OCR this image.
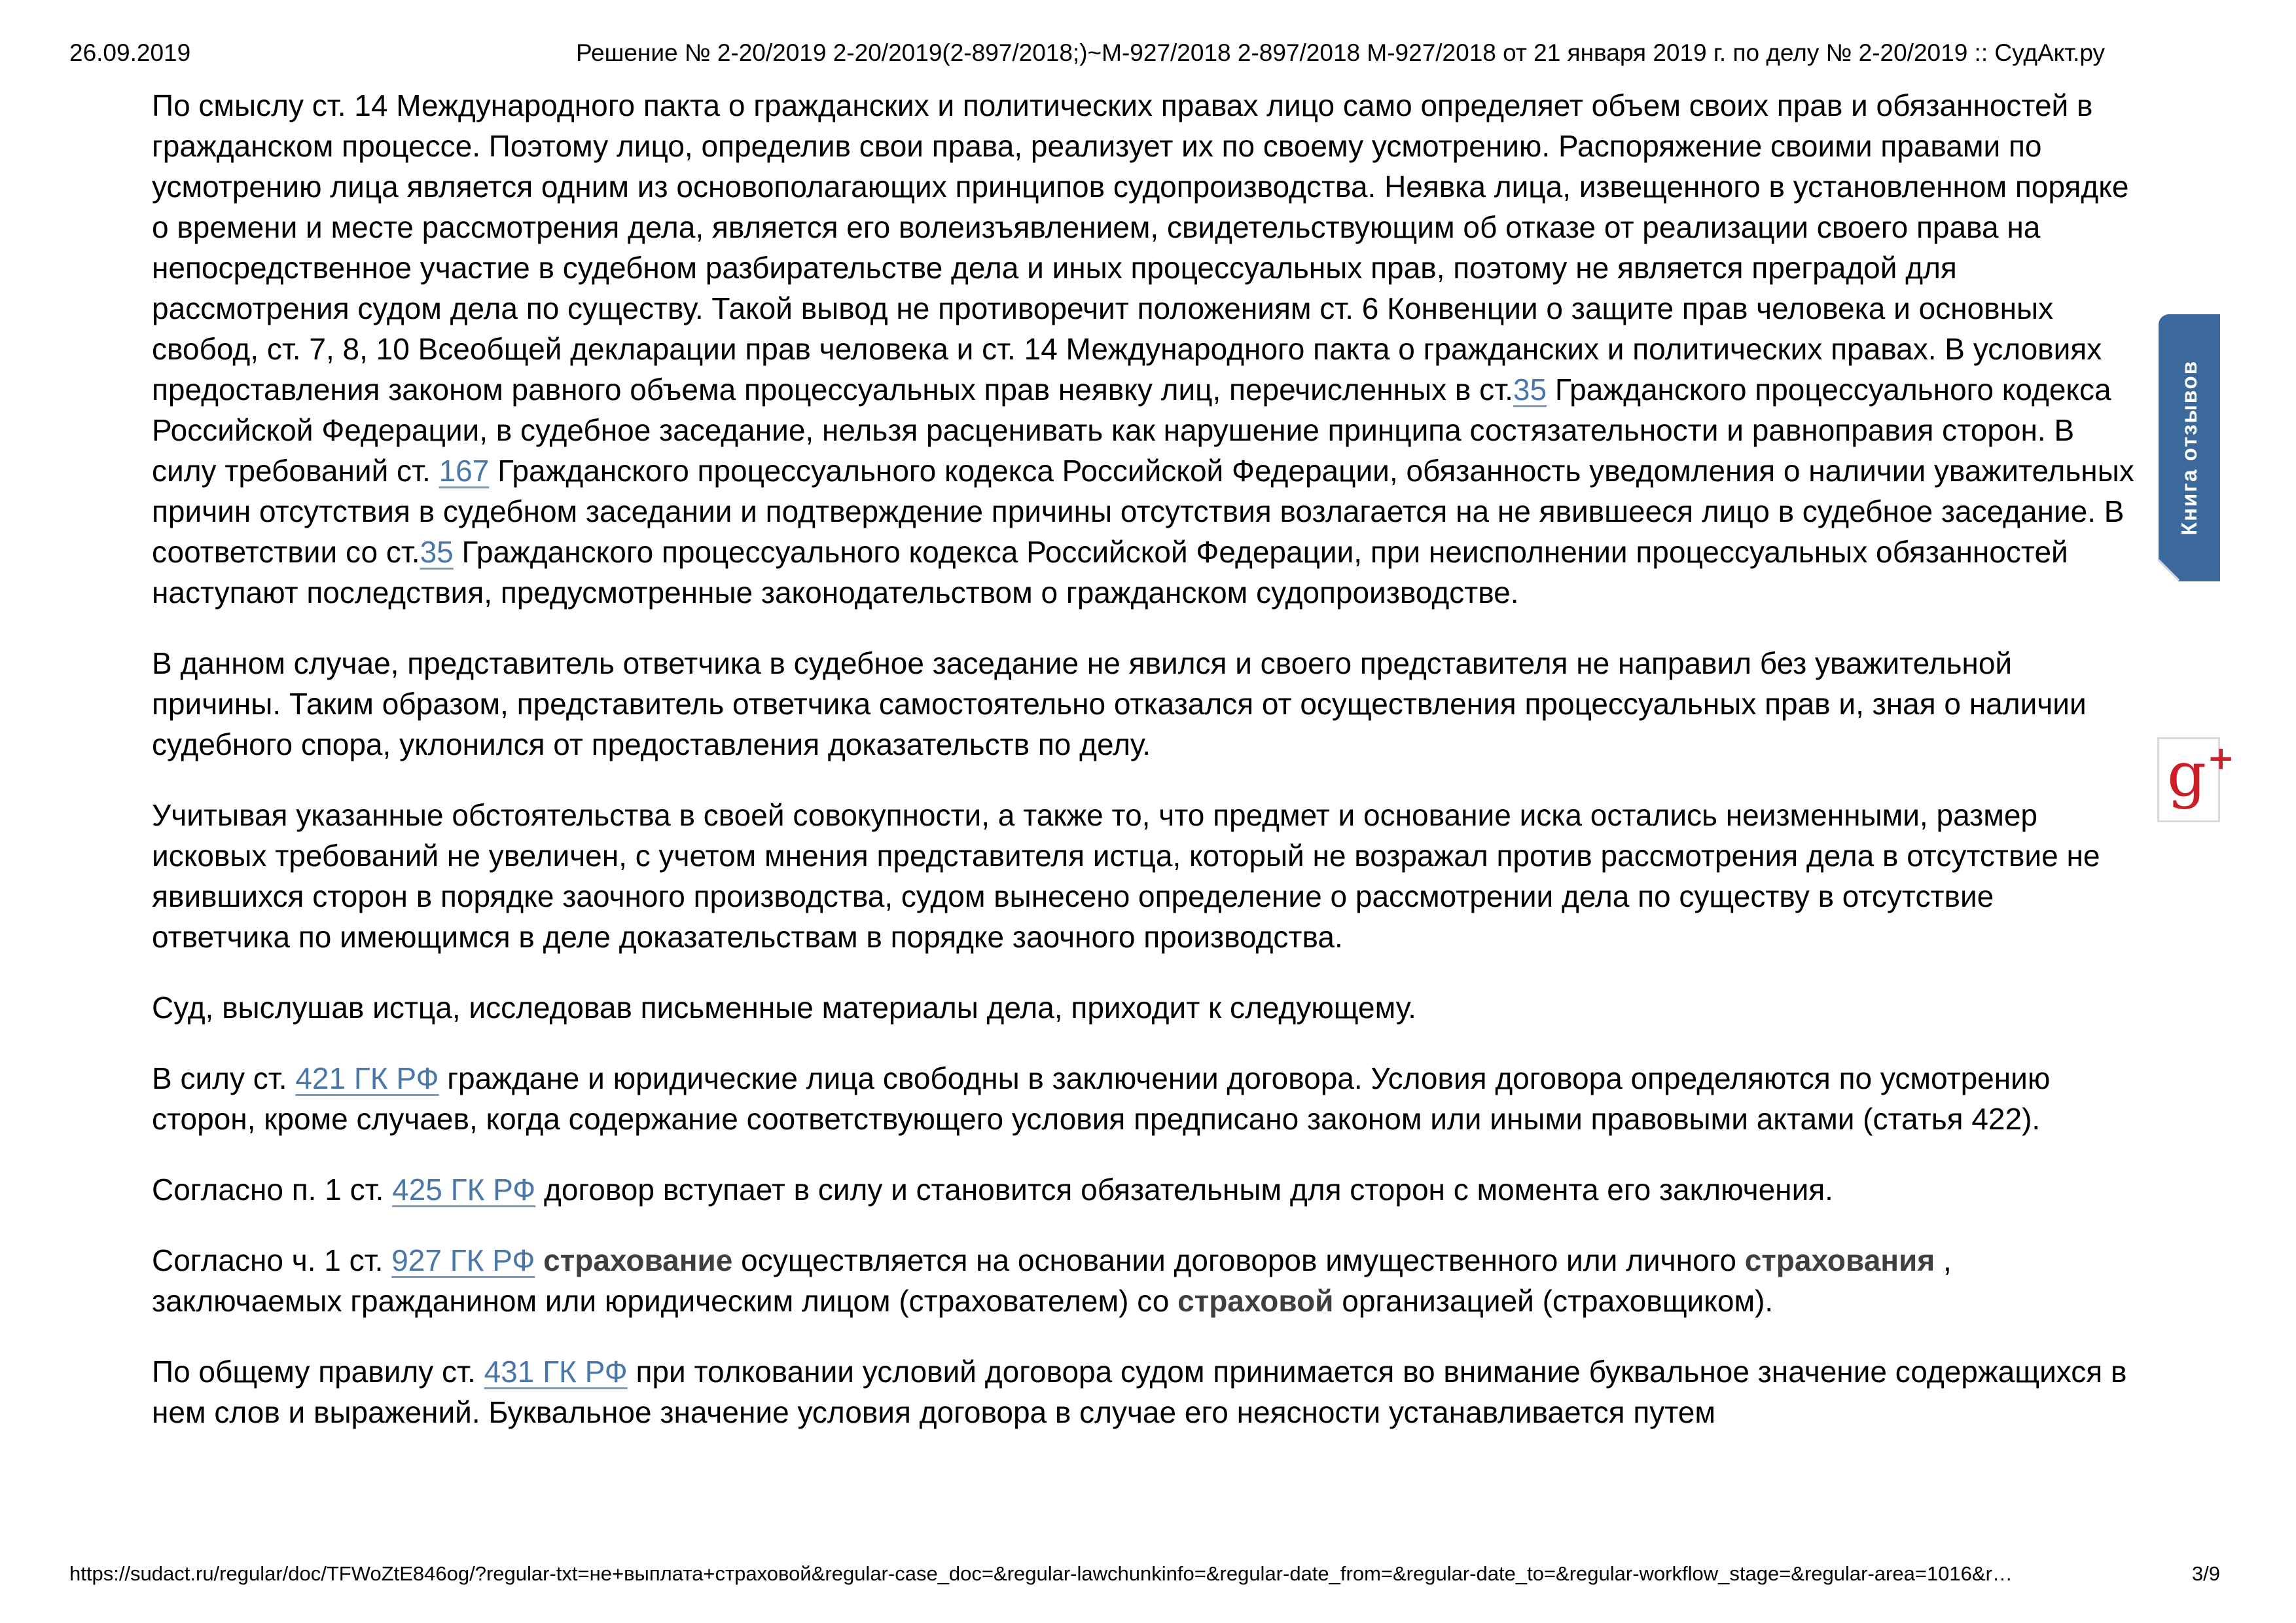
26.09.2019	Решение № 2-20/2019 2-20/2019(2-897/2018;)~М-927/2018 2-897/2018 М-927/2018 от 21 января 2019 г. по делу № 2-20/2019 :: СудАкт.ру

По смыслу ст. 14 Международного пакта о гражданских и политических правах лицо само определяет объем своих прав и обязанностей в гражданском процессе. Поэтому лицо, определив свои права, реализует их по своему усмотрению. Распоряжение своими правами по усмотрению лица является одним из основополагающих принципов судопроизводства. Неявка лица, извещенного в установленном порядке о времени и месте рассмотрения дела, является его волеизъявлением, свидетельствующим об отказе от реализации своего права на непосредственное участие в судебном разбирательстве дела и иных процессуальных прав, поэтому не является преградой для рассмотрения судом дела по существу. Такой вывод не противоречит положениям ст. 6 Конвенции о защите прав человека и основных свобод, ст. 7, 8, 10 Всеобщей декларации прав человека и ст. 14 Международного пакта о гражданских и политических правах. В условиях предоставления законом равного объема процессуальных прав неявку лиц, перечисленных в ст.35 Гражданского процессуального кодекса Российской Федерации, в судебное заседание, нельзя расценивать как нарушение принципа состязательности и равноправия сторон. В силу требований ст. 167 Гражданского процессуального кодекса Российской Федерации, обязанность уведомления о наличии уважительных причин отсутствия в судебном заседании и подтверждение причины отсутствия возлагается на не явившееся лицо в судебное заседание. В соответствии со ст.35 Гражданского процессуального кодекса Российской Федерации, при неисполнении процессуальных обязанностей наступают последствия, предусмотренные законодательством о гражданском судопроизводстве.

В данном случае, представитель ответчика в судебное заседание не явился и своего представителя не направил без уважительной причины. Таким образом, представитель ответчика самостоятельно отказался от осуществления процессуальных прав и, зная о наличии судебного спора, уклонился от предоставления доказательств по делу.

Учитывая указанные обстоятельства в своей совокупности, а также то, что предмет и основание иска остались неизменными, размер исковых требований не увеличен, с учетом мнения представителя истца, который не возражал против рассмотрения дела в отсутствие не явившихся сторон в порядке заочного производства, судом вынесено определение о рассмотрении дела по существу в отсутствие ответчика по имеющимся в деле доказательствам в порядке заочного производства.

Суд, выслушав истца, исследовав письменные материалы дела, приходит к следующему.

В силу ст. 421 ГК РФ граждане и юридические лица свободны в заключении договора. Условия договора определяются по усмотрению сторон, кроме случаев, когда содержание соответствующего условия предписано законом или иными правовыми актами (статья 422).

Согласно п. 1 ст. 425 ГК РФ договор вступает в силу и становится обязательным для сторон с момента его заключения.

Согласно ч. 1 ст. 927 ГК РФ страхование осуществляется на основании договоров имущественного или личного страхования , заключаемых гражданином или юридическим лицом (страхователем) со страховой организацией (страховщиком).

По общему правилу ст. 431 ГК РФ при толковании условий договора судом принимается во внимание буквальное значение содержащихся в нем слов и выражений. Буквальное значение условия договора в случае его неясности устанавливается путем

Книга отзывов
g+
https://sudact.ru/regular/doc/TFWoZtE846og/?regular-txt=не+выплата+страховой&regular-case_doc=&regular-lawchunkinfo=&regular-date_from=&regular-date_to=&regular-workflow_stage=&regular-area=1016&r…	3/9
